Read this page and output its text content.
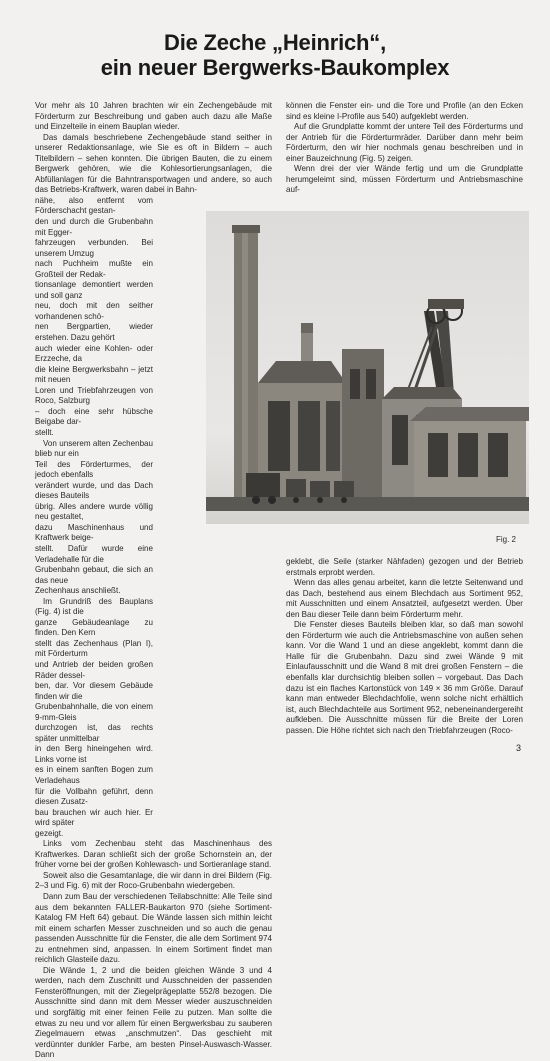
Die Zeche „Heinrich“,
ein neuer Bergwerks-Baukomplex

Vor mehr als 10 Jahren brachten wir ein Zechengebäude mit Förderturm zur Beschreibung und gaben auch dazu alle Maße und Einzelteile in einem Bauplan wieder.

Das damals beschriebene Zechengebäude stand seither in unserer Redaktionsanlage, wie Sie es oft in Bildern – auch Titelbildern – sehen konnten. Die übrigen Bauten, die zu einem Bergwerk gehören, wie die Kohlesortierungsanlagen, die Abfüllanlagen für die Bahntransportwagen und andere, so auch das Betriebs-Kraftwerk, waren dabei in Bahn-

nähe, also entfernt vom Förderschacht gestan-
den und durch die Grubenbahn mit Egger-
fahrzeugen verbunden. Bei unserem Umzug
nach Puchheim mußte ein Großteil der Redak-
tionsanlage demontiert werden und soll ganz
neu, doch mit den seither vorhandenen schö-
nen Bergpartien, wieder erstehen. Dazu gehört
auch wieder eine Kohlen- oder Erzzeche, da
die kleine Bergwerksbahn – jetzt mit neuen
Loren und Triebfahrzeugen von Roco, Salzburg
– doch eine sehr hübsche Beigabe dar-
stellt.
Von unserem alten Zechenbau blieb nur ein
Teil des Förderturmes, der jedoch ebenfalls
verändert wurde, und das Dach dieses Bauteils
übrig. Alles andere wurde völlig neu gestaltet,
dazu Maschinenhaus und Kraftwerk beige-
stellt. Dafür wurde eine Verladehalle für die
Grubenbahn gebaut, die sich an das neue
Zechenhaus anschließt.
Im Grundriß des Bauplans (Fig. 4) ist die
ganze Gebäudeanlage zu finden. Den Kern
stellt das Zechenhaus (Plan I), mit Förderturm
und Antrieb der beiden großen Räder dessel-
ben, dar. Vor diesem Gebäude finden wir die
Grubenbahnhalle, die von einem 9-mm-Gleis
durchzogen ist, das rechts später unmittelbar
in den Berg hineingehen wird. Links vorne ist
es in einem sanften Bogen zum Verladehaus
für die Vollbahn geführt, denn diesen Zusatz-
bau brauchen wir auch hier. Er wird später
gezeigt.

Links vom Zechenbau steht das Maschinenhaus des Kraftwerkes. Daran schließt sich der große Schornstein an, der früher vorne bei der großen Kohlewasch- und Sortieranlage stand.

Soweit also die Gesamtanlage, die wir dann in drei Bildern (Fig. 2–3 und Fig. 6) mit der Roco-Grubenbahn wiedergeben.

Dann zum Bau der verschiedenen Teilabschnitte: Alle Teile sind aus dem bekannten FALLER-Baukarton 970 (siehe Sortiment-Katalog FM Heft 64) gebaut. Die Wände lassen sich mithin leicht mit einem scharfen Messer zuschneiden und so auch die genau passenden Ausschnitte für die Fenster, die alle dem Sortiment 974 zu entnehmen sind, anpassen. In einem Sortiment findet man reichlich Glasteile dazu.

Die Wände 1, 2 und die beiden gleichen Wände 3 und 4 werden, nach dem Zuschnitt und Ausschneiden der passenden Fensteröffnungen, mit der Ziegelprägeplatte 552/8 bezogen. Die Ausschnitte sind dann mit dem Messer wieder auszuschneiden und sorgfältig mit einer feinen Feile zu putzen. Man sollte die etwas zu neu und vor allem für einen Bergwerksbau zu sauberen Ziegelmauern etwas „anschmutzen“. Das geschieht mit verdünnter dunkler Farbe, am besten Pinsel-Auswasch-Wasser. Dann

können die Fenster ein- und die Tore und Profile (an den Ecken sind es kleine I-Profile aus 540) aufgeklebt werden.

Auf die Grundplatte kommt der untere Teil des Förderturms und der Antrieb für die Förderturmräder. Darüber dann mehr beim Förderturm, den wir hier nochmals genau beschreiben und in einer Bauzeichnung (Fig. 5) zeigen.

Wenn drei der vier Wände fertig und um die Grundplatte herumgeleimt sind, müssen Förderturm und Antriebsmaschine auf-

Fig. 2

geklebt, die Seile (starker Nähfaden) gezogen und der Betrieb erstmals erprobt werden.

Wenn das alles genau arbeitet, kann die letzte Seitenwand und das Dach, bestehend aus einem Blechdach aus Sortiment 952, mit Ausschnitten und einem Ansatzteil, aufgesetzt werden. Über den Bau dieser Teile dann beim Förderturm mehr.

Die Fenster dieses Bauteils bleiben klar, so daß man sowohl den Förderturm wie auch die Antriebsmaschine von außen sehen kann. Vor die Wand 1 und an diese angeklebt, kommt dann die Halle für die Grubenbahn. Dazu sind zwei Wände 9 mit Einlaufausschnitt und die Wand 8 mit drei großen Fenstern – die ebenfalls klar durchsichtig bleiben sollen – vorgebaut. Das Dach dazu ist ein flaches Kartonstück von 149 × 36 mm Größe. Darauf kann man entweder Blechdachfolie, wenn solche nicht erhältlich ist, auch Blechdachteile aus Sortiment 952, nebeneinandergereiht aufkleben. Die Ausschnitte müssen für die Breite der Loren passen. Die Höhe richtet sich nach den Triebfahrzeugen (Roco-

3
